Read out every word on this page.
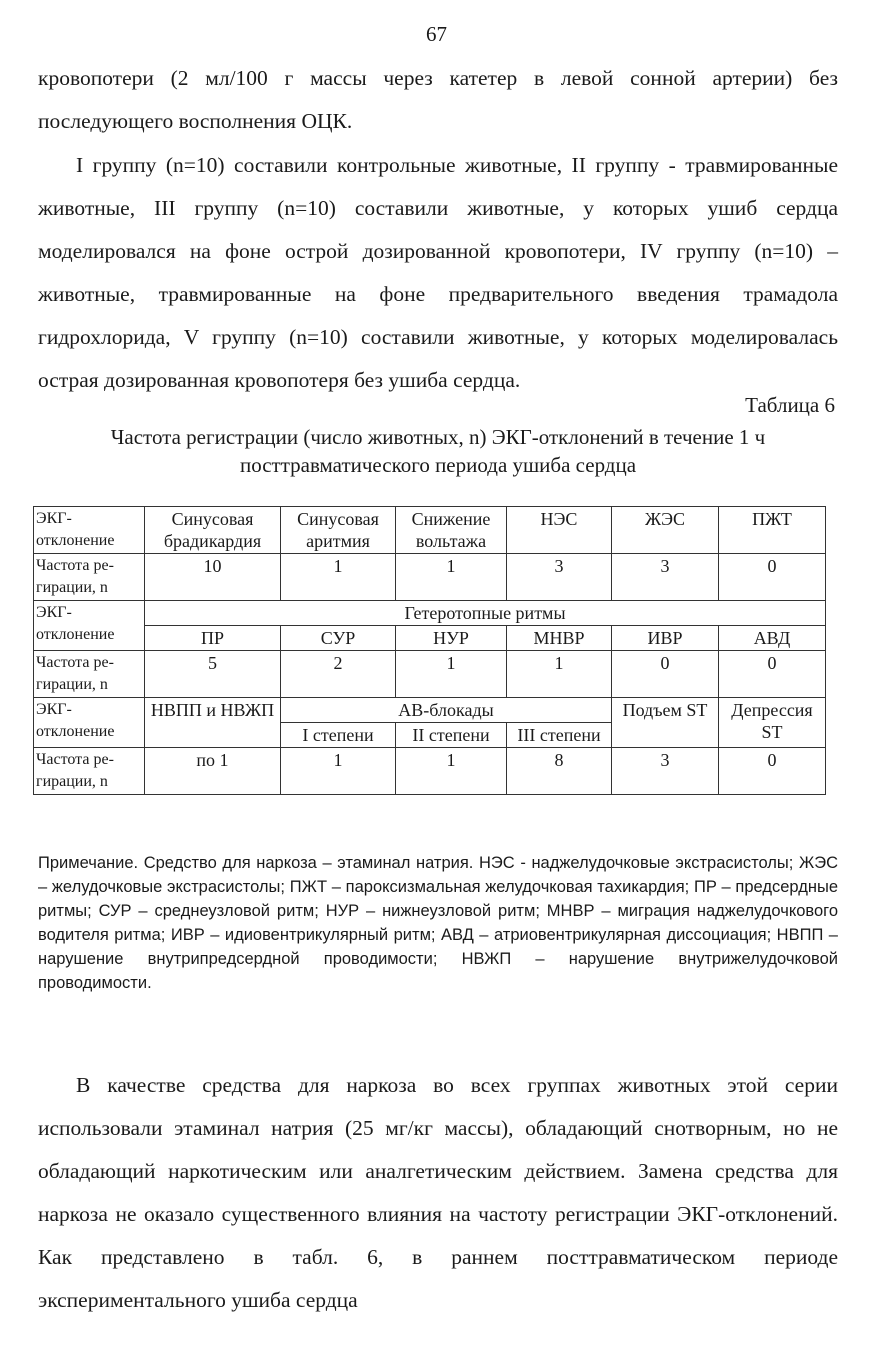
67

кровопотери (2 мл/100 г массы через катетер в левой сонной артерии) без последующего восполнения ОЦК.

I группу (n=10) составили контрольные животные, II группу - травмированные животные, III группу (n=10) составили животные, у которых ушиб сердца моделировался на фоне острой дозированной кровопотери, IV группу (n=10) – животные, травмированные на фоне предварительного введения трамадола гидрохлорида, V группу (n=10) составили животные, у которых моделировалась острая дозированная кровопотеря без ушиба сердца.

Таблица 6
Частота регистрации (число животных, n) ЭКГ-отклонений в течение 1 ч посттравматического периода ушиба сердца
ЭКГ-отклонение	Синусовая брадикардия	Синусовая аритмия	Снижение вольтажа	НЭС	ЖЭС	ПЖТ
Частота ре-гирации, n	10	1	1	3	3	0
ЭКГ-отклонение	Гетеротопные ритмы					
	ПР	СУР	НУР	МНВР	ИВР	АВД
Частота ре-гирации, n	5	2	1	1	0	0
ЭКГ-отклонение	НВПП и НВЖП	АВ-блокады			Подъем ST	Депрессия ST
		I степени	II степени	III степени		
Частота ре-гирации, n	по 1	1	1	8	3	0

Примечание. Средство для наркоза – этаминал натрия. НЭС - наджелудочковые экстрасистолы; ЖЭС – желудочковые экстрасистолы; ПЖТ – пароксизмальная желудочковая тахикардия; ПР – предсердные ритмы; СУР – среднеузловой ритм; НУР – нижнеузловой ритм; МНВР – миграция наджелудочкового водителя ритма; ИВР – идиовентрикулярный ритм; АВД – атриовентрикулярная диссоциация; НВПП – нарушение внутрипредсердной проводимости; НВЖП – нарушение внутрижелудочковой проводимости.

В качестве средства для наркоза во всех группах животных этой серии использовали этаминал натрия (25 мг/кг массы), обладающий снотворным, но не обладающий наркотическим или аналгетическим действием. Замена средства для наркоза не оказало существенного влияния на частоту регистрации ЭКГ-отклонений. Как представлено в табл. 6, в раннем посттравматическом периоде экспериментального ушиба сердца
